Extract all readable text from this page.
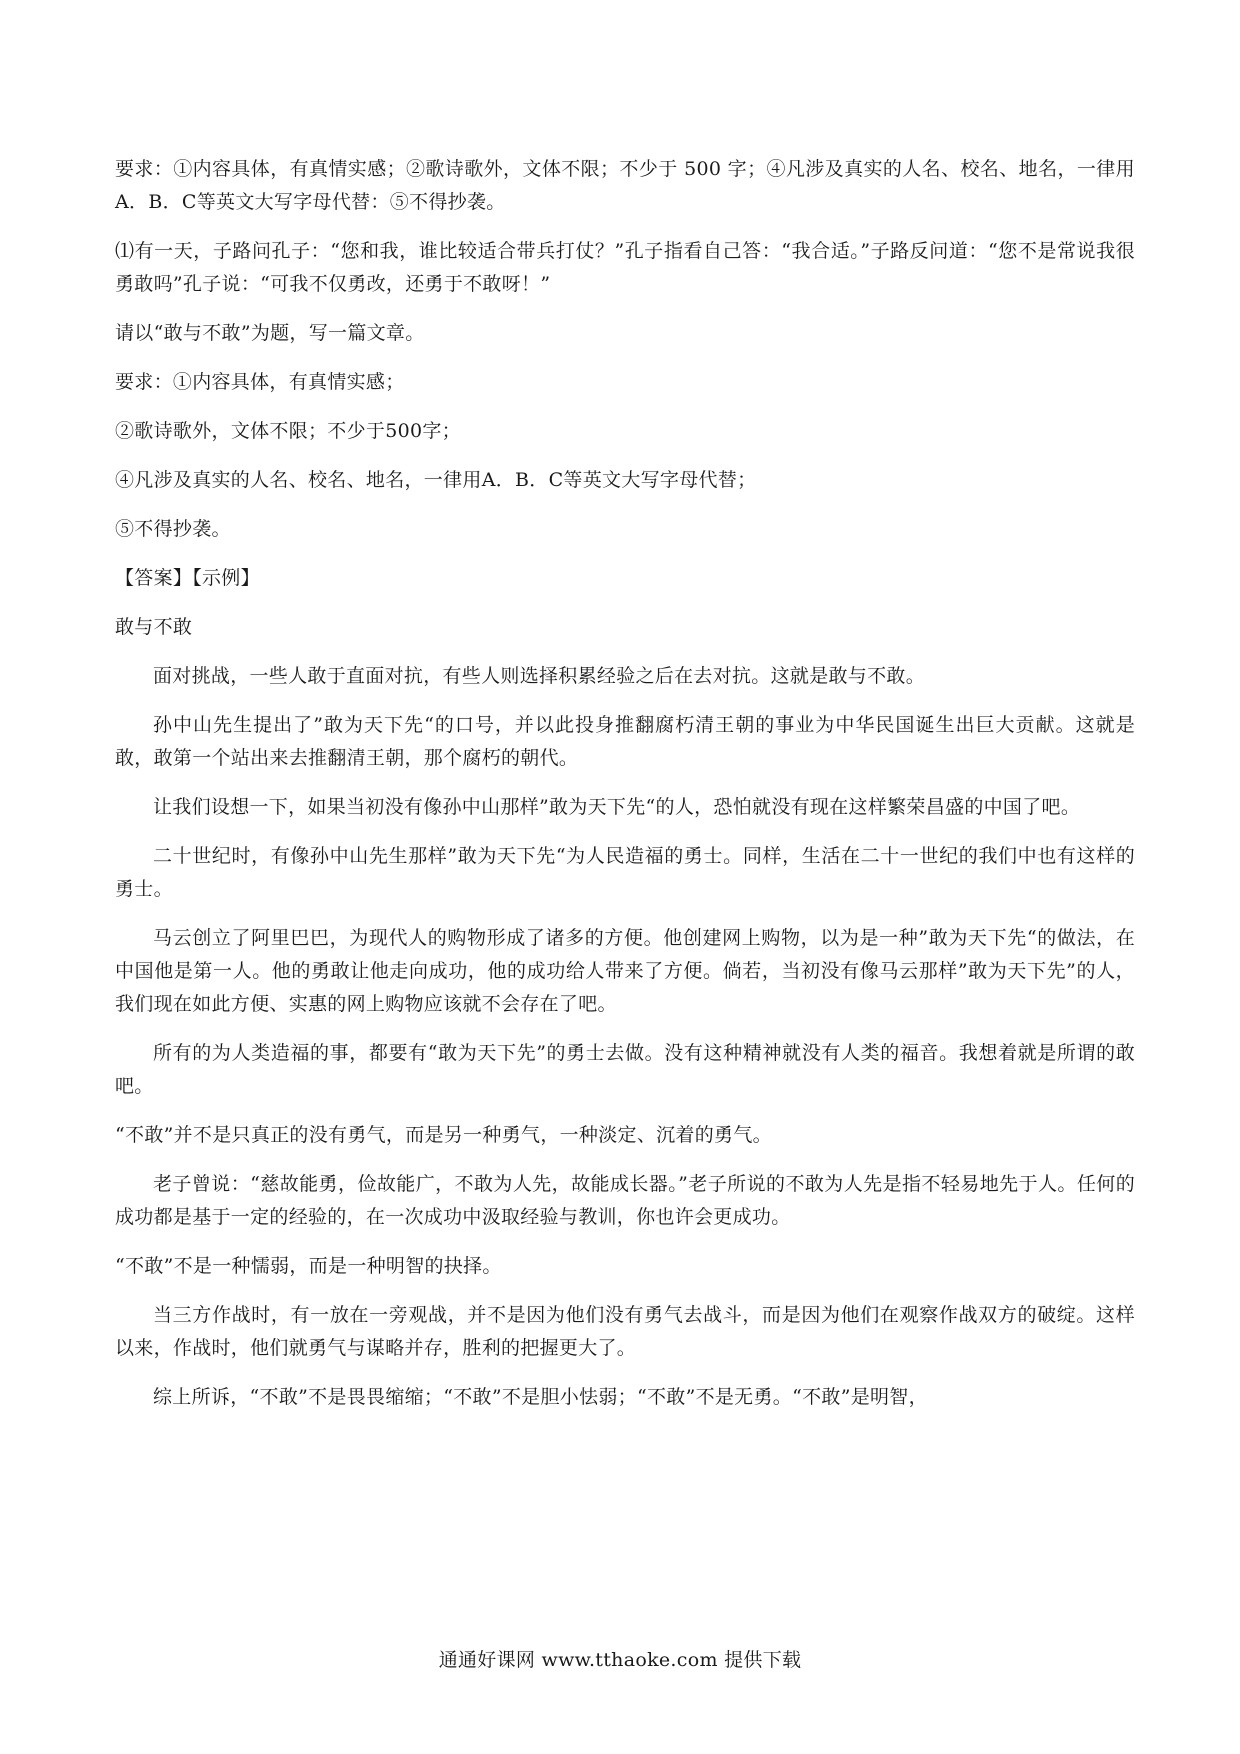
要求：①内容具体，有真情实感；②歌诗歌外，文体不限；不少于 500 字；④凡涉及真实的人名、校名、地名，一律用A．B．C等英文大写字母代替：⑤不得抄袭。

⑴有一天，子路问孔子：“您和我，谁比较适合带兵打仗？”孔子指看自己答：“我合适。”子路反问道：“您不是常说我很勇敢吗”孔子说：“可我不仅勇改，还勇于不敢呀！”

请以“敢与不敢”为题，写一篇文章。

要求：①内容具体，有真情实感；

②歌诗歌外，文体不限；不少于500字；

④凡涉及真实的人名、校名、地名，一律用A．B．C等英文大写字母代替；

⑤不得抄袭。

【答案】【示例】

敢与不敢

面对挑战，一些人敢于直面对抗，有些人则选择积累经验之后在去对抗。这就是敢与不敢。

孙中山先生提出了”敢为天下先“的口号，并以此投身推翻腐朽清王朝的事业为中华民国诞生出巨大贡献。这就是敢，敢第一个站出来去推翻清王朝，那个腐朽的朝代。

让我们设想一下，如果当初没有像孙中山那样”敢为天下先“的人，恐怕就没有现在这样繁荣昌盛的中国了吧。

二十世纪时，有像孙中山先生那样”敢为天下先“为人民造福的勇士。同样，生活在二十一世纪的我们中也有这样的勇士。

马云创立了阿里巴巴，为现代人的购物形成了诸多的方便。他创建网上购物，以为是一种”敢为天下先“的做法，在中国他是第一人。他的勇敢让他走向成功，他的成功给人带来了方便。倘若，当初没有像马云那样”敢为天下先”的人，我们现在如此方便、实惠的网上购物应该就不会存在了吧。

所有的为人类造福的事，都要有“敢为天下先”的勇士去做。没有这种精神就没有人类的福音。我想着就是所谓的敢吧。

“不敢”并不是只真正的没有勇气，而是另一种勇气，一种淡定、沉着的勇气。

老子曾说：“慈故能勇，俭故能广，不敢为人先，故能成长器。”老子所说的不敢为人先是指不轻易地先于人。任何的成功都是基于一定的经验的，在一次成功中汲取经验与教训，你也许会更成功。

“不敢”不是一种懦弱，而是一种明智的抉择。

当三方作战时，有一放在一旁观战，并不是因为他们没有勇气去战斗，而是因为他们在观察作战双方的破绽。这样以来，作战时，他们就勇气与谋略并存，胜利的把握更大了。

综上所诉，“不敢”不是畏畏缩缩；“不敢”不是胆小怯弱；“不敢”不是无勇。“不敢”是明智，

通通好课网 www.tthaoke.com 提供下载
